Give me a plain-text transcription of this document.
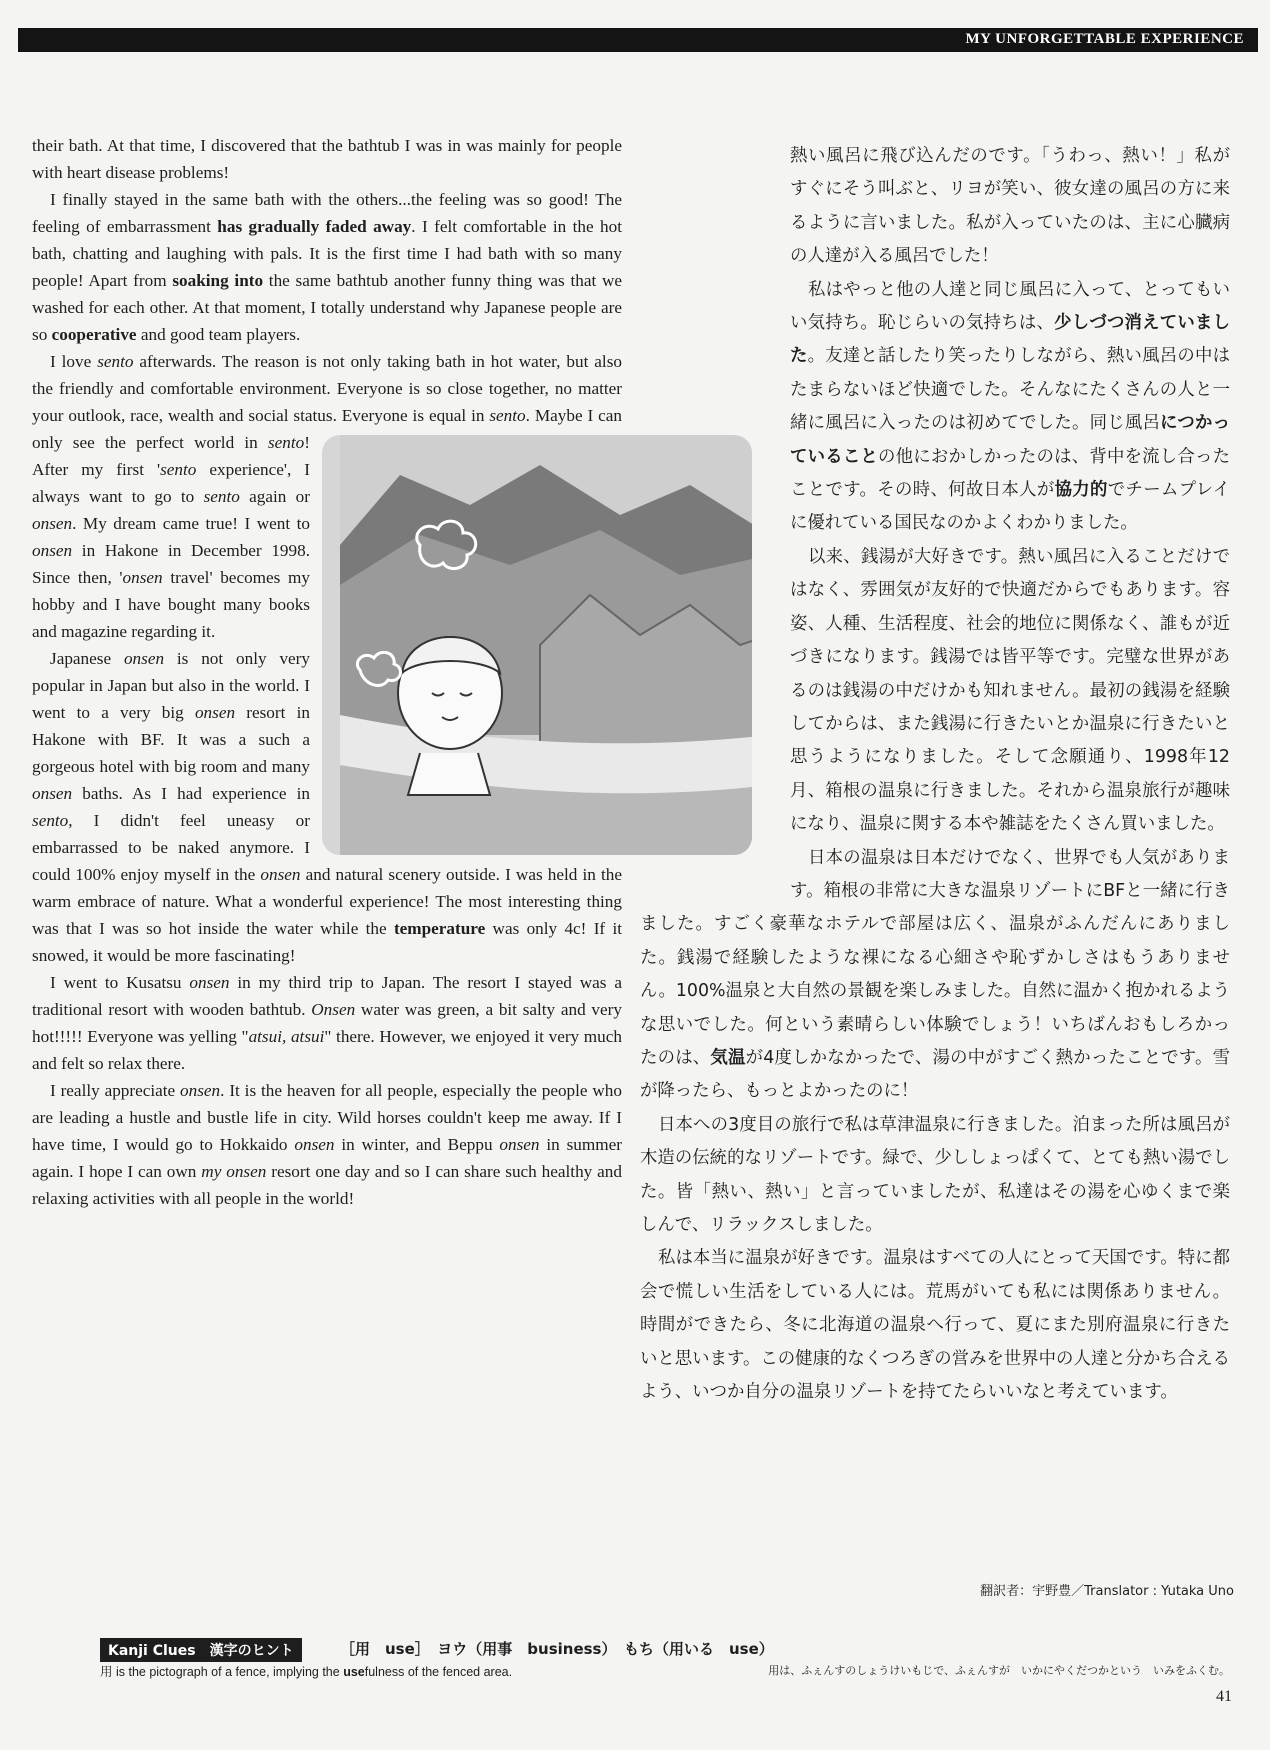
MY UNFORGETTABLE EXPERIENCE

their bath. At that time, I discovered that the bathtub I was in was mainly for people with heart disease problems!

I finally stayed in the same bath with the others...the feeling was so good! The feeling of embarrassment has gradually faded away. I felt comfortable in the hot bath, chatting and laughing with pals. It is the first time I had bath with so many people! Apart from soaking into the same bathtub another funny thing was that we washed for each other. At that moment, I totally understand why Japanese people are so cooperative and good team players.

I love sento afterwards. The reason is not only taking bath in hot water, but also the friendly and comfortable environment. Everyone is so close together, no matter your outlook, race, wealth and social status. Everyone is equal in
sento. Maybe I can only see the perfect world in sento! After my first 'sento experience', I always want to go to sento again or onsen. My dream came true! I went to onsen in Hakone in December 1998. Since then, 'onsen travel' becomes my hobby and I have bought many books and magazine regarding it.

Japanese onsen is not only very popular in Japan but also in the world. I went to a very big onsen resort in Hakone with BF. It was a such a gorgeous hotel with big room and many onsen baths. As I had experience in sento, I didn't feel uneasy or embarrassed to be naked anymore. I could 100% enjoy myself in the onsen and natural scenery outside. I was held in the warm embrace of nature. What a wonderful experience! The most interesting thing was that I was so hot inside the water while the temperature was only 4c! If it snowed, it would be more fascinating!

I went to Kusatsu onsen in my third trip to Japan. The resort I stayed was a traditional resort with wooden bathtub. Onsen water was green, a bit salty and very hot!!!!! Everyone was yelling "atsui, atsui" there. However, we enjoyed it very much and felt so relax there.

I really appreciate onsen. It is the heaven for all people, especially the people who are leading a hustle and bustle life in city. Wild horses couldn't keep me away. If I have time, I would go to Hokkaido onsen in winter, and Beppu onsen in summer again. I hope I can own my onsen resort one day and so I can share such healthy and relaxing activities with all people in the world!

熱い風呂に飛び込んだのです。「うわっ、熱い！」私がすぐにそう叫ぶと、リヨが笑い、彼女達の風呂の方に来るように言いました。私が入っていたのは、主に心臓病の人達が入る風呂でした！

私はやっと他の人達と同じ風呂に入って、とってもいい気持ち。恥じらいの気持ちは、少しづつ消えていました。友達と話したり笑ったりしながら、熱い風呂の中はたまらないほど快適でした。そんなにたくさんの人と一緒に風呂に入ったのは初めてでした。同じ風呂につかっていることの他におかしかったのは、背中を流し合ったことです。その時、何故日本人が協力的でチームプレイに優れている国民なのかよくわかりました。

以来、銭湯が大好きです。熱い風呂に入ることだけではなく、雰囲気が友好的で快適だからでもあります。容姿、人種、生活程度、社会的地位に関係なく、誰もが近づきになります。銭湯では皆平等です。完璧な世界があるのは銭湯の中だけかも知れません。最初の銭湯を経験してからは、また銭湯に行きたいとか温泉に行きたいと思うようになりました。そして念願通り、1998年12月、箱根の温泉に行きました。それから温泉旅行が趣味になり、温泉に関する本や雑誌をたくさん買いました。

日本の温泉は日本だけでなく、世界でも人気があります。箱根の非常に大きな温泉リゾートにBFと一緒に行きました。すごく豪華なホテルで部屋は広く、温泉がふんだんにありました。銭湯で経験したような裸になる心細さや恥ずかしさはもうありません。100%温泉と大自然の景観を楽しみました。自然に温かく抱かれるような思いでした。何という素晴らしい体験でしょう！いちばんおもしろかったのは、気温が4度しかなかったで、湯の中がすごく熱かったことです。雪が降ったら、もっとよかったのに！

日本への3度目の旅行で私は草津温泉に行きました。泊まった所は風呂が木造の伝統的なリゾートです。緑で、少ししょっぱくて、とても熱い湯でした。皆「熱い、熱い」と言っていましたが、私達はその湯を心ゆくまで楽しんで、リラックスしました。

私は本当に温泉が好きです。温泉はすべての人にとって天国です。特に都会で慌しい生活をしている人には。荒馬がいても私には関係ありません。時間ができたら、冬に北海道の温泉へ行って、夏にまた別府温泉に行きたいと思います。この健康的なくつろぎの営みを世界中の人達と分かち合えるよう、いつか自分の温泉リゾートを持てたらいいなと考えています。

翻訳者：宇野豊／Translator : Yutaka Uno
Kanji Clues　漢字のヒント	［用　use］　ヨウ（用事　business）　もち（用いる　use）
用 is the pictograph of a fence, implying the usefulness of the fenced area.	用は、ふぇんすのしょうけいもじで、ふぇんすが　いかにやくだつかという　いみをふくむ。
41
